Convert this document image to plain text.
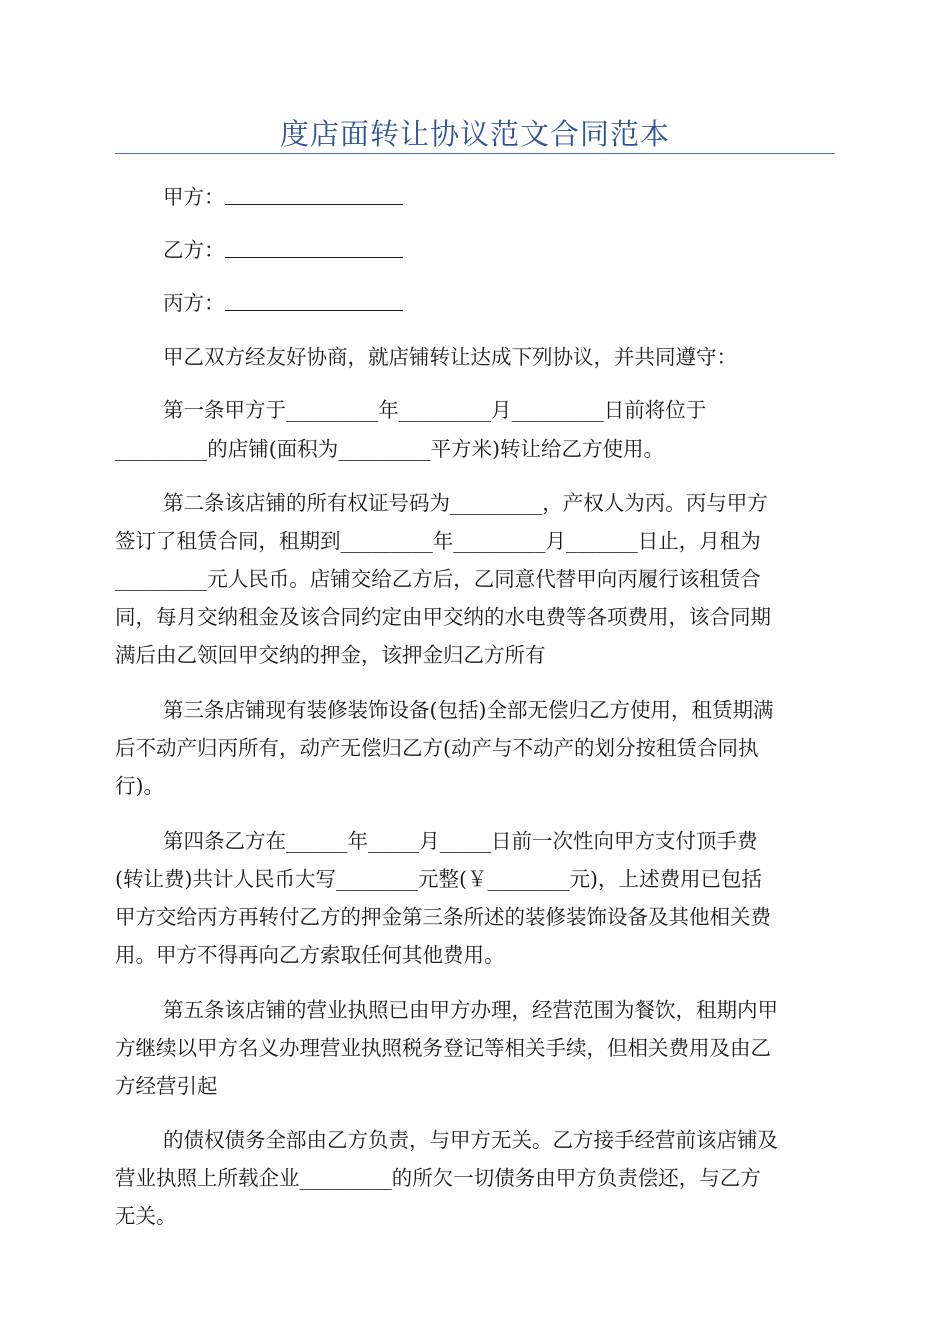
度店面转让协议范文合同范本
甲方：
乙方：
丙方：
甲乙双方经友好协商，就店铺转让达成下列协议，并共同遵守：
第一条甲方于_________年_________月_________日前将位于
_________的店铺(面积为_________平方米)转让给乙方使用。
第二条该店铺的所有权证号码为_________，产权人为丙。丙与甲方
签订了租赁合同，租期到_________年_________月_______日止，月租为
_________元人民币。店铺交给乙方后，乙同意代替甲向丙履行该租赁合
同，每月交纳租金及该合同约定由甲交纳的水电费等各项费用，该合同期
满后由乙领回甲交纳的押金，该押金归乙方所有
第三条店铺现有装修装饰设备(包括)全部无偿归乙方使用，租赁期满
后不动产归丙所有，动产无偿归乙方(动产与不动产的划分按租赁合同执
行)。
第四条乙方在______年_____月_____日前一次性向甲方支付顶手费
(转让费)共计人民币大写________元整(￥________元)，上述费用已包括
甲方交给丙方再转付乙方的押金第三条所述的装修装饰设备及其他相关费
用。甲方不得再向乙方索取任何其他费用。
第五条该店铺的营业执照已由甲方办理，经营范围为餐饮，租期内甲
方继续以甲方名义办理营业执照税务登记等相关手续，但相关费用及由乙
方经营引起
的债权债务全部由乙方负责，与甲方无关。乙方接手经营前该店铺及
营业执照上所载企业_________的所欠一切债务由甲方负责偿还，与乙方
无关。
